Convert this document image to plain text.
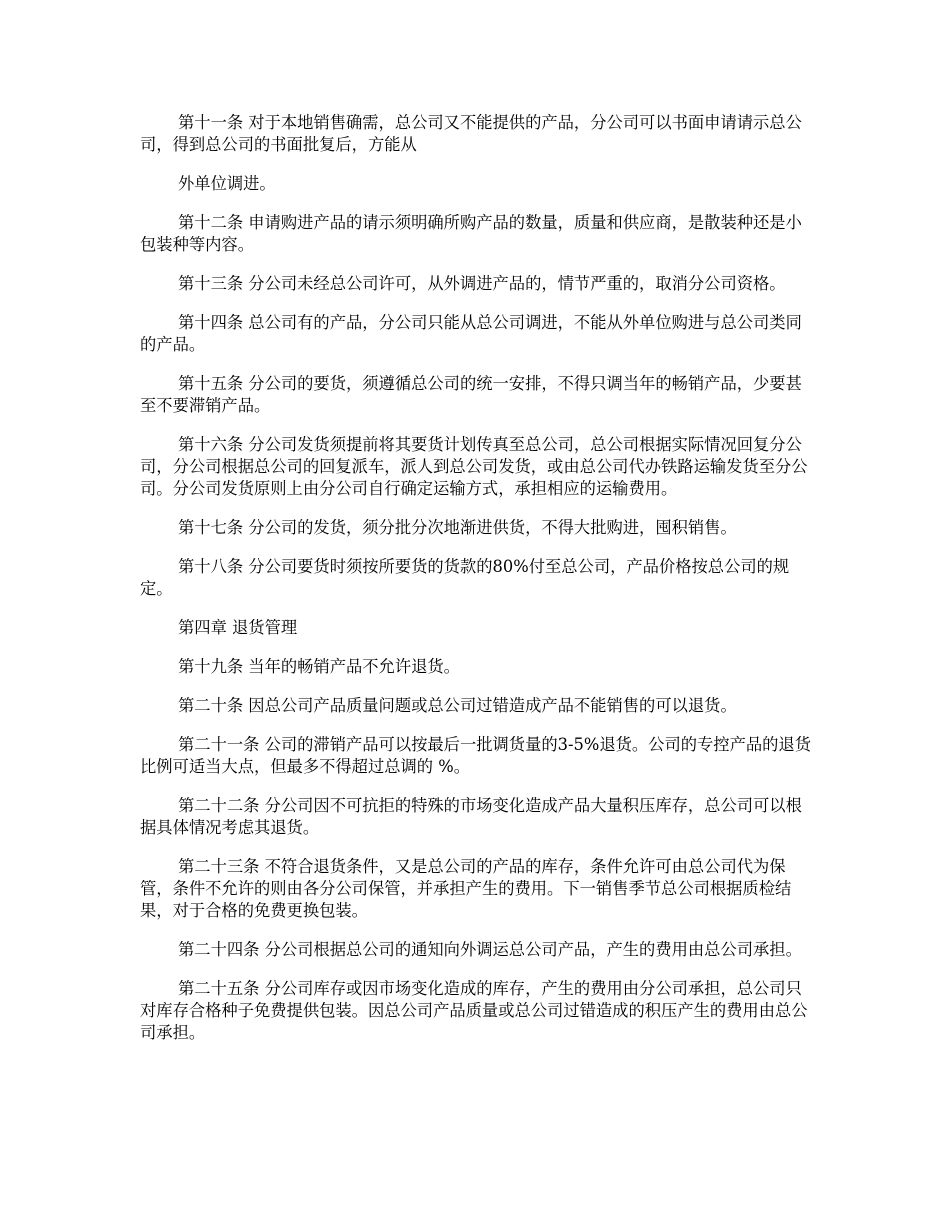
第十一条 对于本地销售确需，总公司又不能提供的产品，分公司可以书面申请请示总公司，得到总公司的书面批复后，方能从

外单位调进。

第十二条 申请购进产品的请示须明确所购产品的数量，质量和供应商，是散装种还是小包装种等内容。

第十三条 分公司未经总公司许可，从外调进产品的，情节严重的，取消分公司资格。

第十四条 总公司有的产品，分公司只能从总公司调进，不能从外单位购进与总公司类同的产品。

第十五条 分公司的要货，须遵循总公司的统一安排，不得只调当年的畅销产品，少要甚至不要滞销产品。

第十六条 分公司发货须提前将其要货计划传真至总公司，总公司根据实际情况回复分公司，分公司根据总公司的回复派车，派人到总公司发货，或由总公司代办铁路运输发货至分公司。分公司发货原则上由分公司自行确定运输方式，承担相应的运输费用。

第十七条 分公司的发货，须分批分次地渐进供货，不得大批购进，囤积销售。

第十八条 分公司要货时须按所要货的货款的80%付至总公司，产品价格按总公司的规定。

第四章 退货管理

第十九条 当年的畅销产品不允许退货。

第二十条 因总公司产品质量问题或总公司过错造成产品不能销售的可以退货。

第二十一条 公司的滞销产品可以按最后一批调货量的3-5%退货。公司的专控产品的退货比例可适当大点，但最多不得超过总调的 %。

第二十二条 分公司因不可抗拒的特殊的市场变化造成产品大量积压库存，总公司可以根据具体情况考虑其退货。

第二十三条 不符合退货条件，又是总公司的产品的库存，条件允许可由总公司代为保管，条件不允许的则由各分公司保管，并承担产生的费用。下一销售季节总公司根据质检结果，对于合格的免费更换包装。

第二十四条 分公司根据总公司的通知向外调运总公司产品，产生的费用由总公司承担。

第二十五条 分公司库存或因市场变化造成的库存，产生的费用由分公司承担，总公司只对库存合格种子免费提供包装。因总公司产品质量或总公司过错造成的积压产生的费用由总公司承担。
